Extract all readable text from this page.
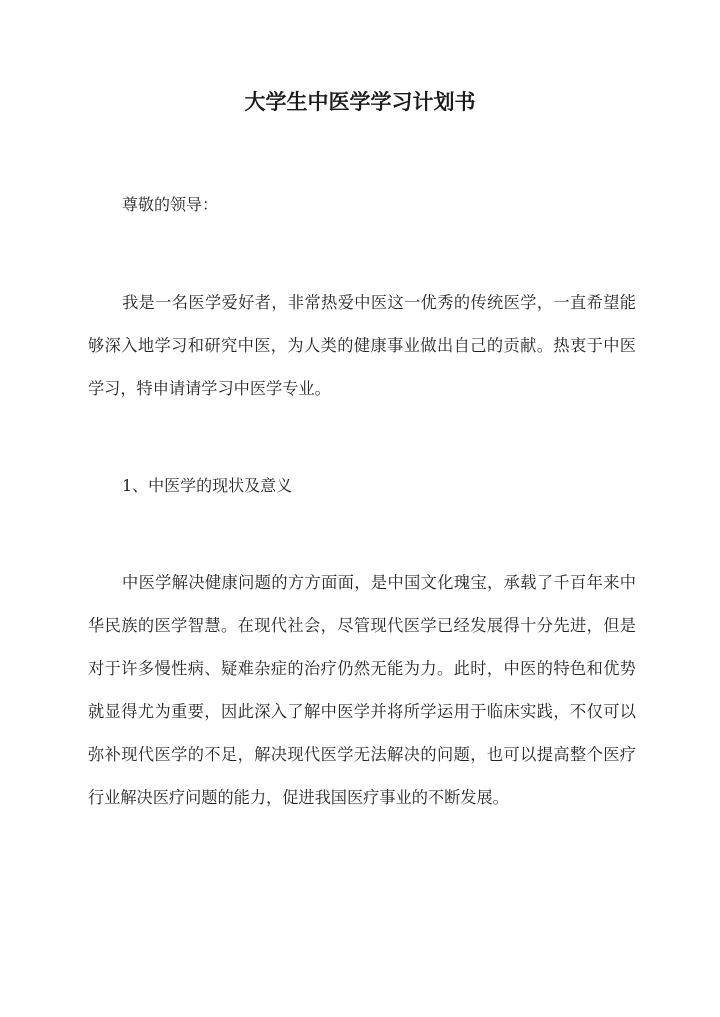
大学生中医学学习计划书
尊敬的领导：
我是一名医学爱好者，非常热爱中医这一优秀的传统医学，一直希望能够深入地学习和研究中医，为人类的健康事业做出自己的贡献。热衷于中医学习，特申请请学习中医学专业。
1、中医学的现状及意义
中医学解决健康问题的方方面面，是中国文化瑰宝，承载了千百年来中华民族的医学智慧。在现代社会，尽管现代医学已经发展得十分先进，但是对于许多慢性病、疑难杂症的治疗仍然无能为力。此时，中医的特色和优势就显得尤为重要，因此深入了解中医学并将所学运用于临床实践，不仅可以弥补现代医学的不足，解决现代医学无法解决的问题，也可以提高整个医疗行业解决医疗问题的能力，促进我国医疗事业的不断发展。
